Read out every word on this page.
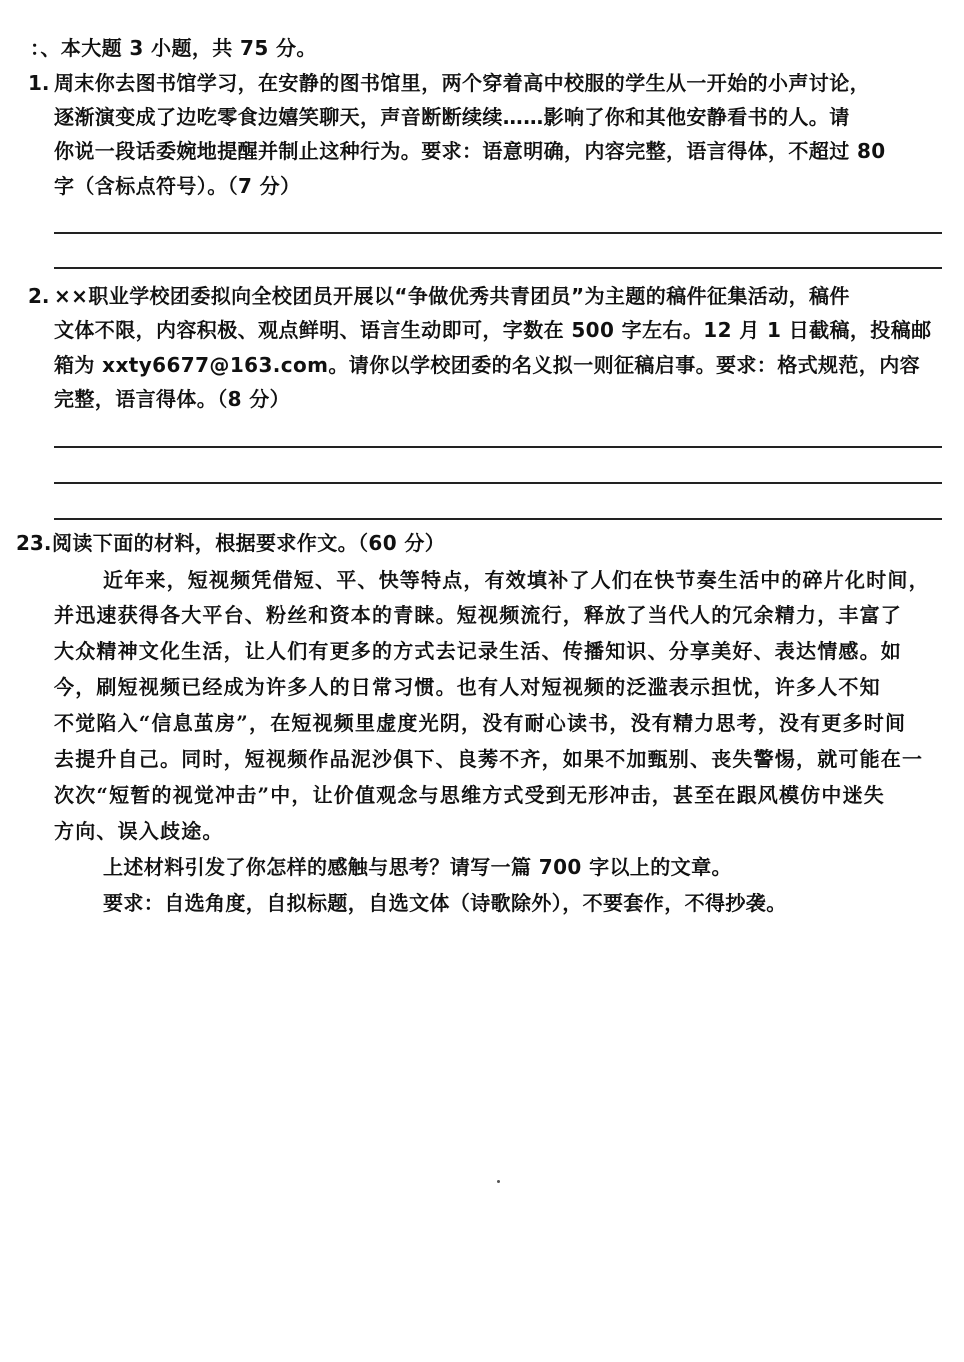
：、本大题 3 小题，共 75 分。
1. 周末你去图书馆学习，在安静的图书馆里，两个穿着高中校服的学生从一开始的小声讨论，
逐渐演变成了边吃零食边嬉笑聊天，声音断断续续……影响了你和其他安静看书的人。请
你说一段话委婉地提醒并制止这种行为。要求：语意明确，内容完整，语言得体，不超过 80
字（含标点符号）。（7 分）
2. ××职业学校团委拟向全校团员开展以“争做优秀共青团员”为主题的稿件征集活动，稿件
文体不限，内容积极、观点鲜明、语言生动即可，字数在 500 字左右。12 月 1 日截稿，投稿邮
箱为 xxty6677@163.com。请你以学校团委的名义拟一则征稿启事。要求：格式规范，内容
完整，语言得体。（8 分）
23. 阅读下面的材料，根据要求作文。（60 分）
近年来，短视频凭借短、平、快等特点，有效填补了人们在快节奏生活中的碎片化时间，
并迅速获得各大平台、粉丝和资本的青睐。短视频流行，释放了当代人的冗余精力，丰富了
大众精神文化生活，让人们有更多的方式去记录生活、传播知识、分享美好、表达情感。如
今，刷短视频已经成为许多人的日常习惯。也有人对短视频的泛滥表示担忧，许多人不知
不觉陷入“信息茧房”，在短视频里虚度光阴，没有耐心读书，没有精力思考，没有更多时间
去提升自己。同时，短视频作品泥沙俱下、良莠不齐，如果不加甄别、丧失警惕，就可能在一
次次“短暂的视觉冲击”中，让价值观念与思维方式受到无形冲击，甚至在跟风模仿中迷失
方向、误入歧途。
上述材料引发了你怎样的感触与思考？请写一篇 700 字以上的文章。
要求：自选角度，自拟标题，自选文体（诗歌除外），不要套作，不得抄袭。
